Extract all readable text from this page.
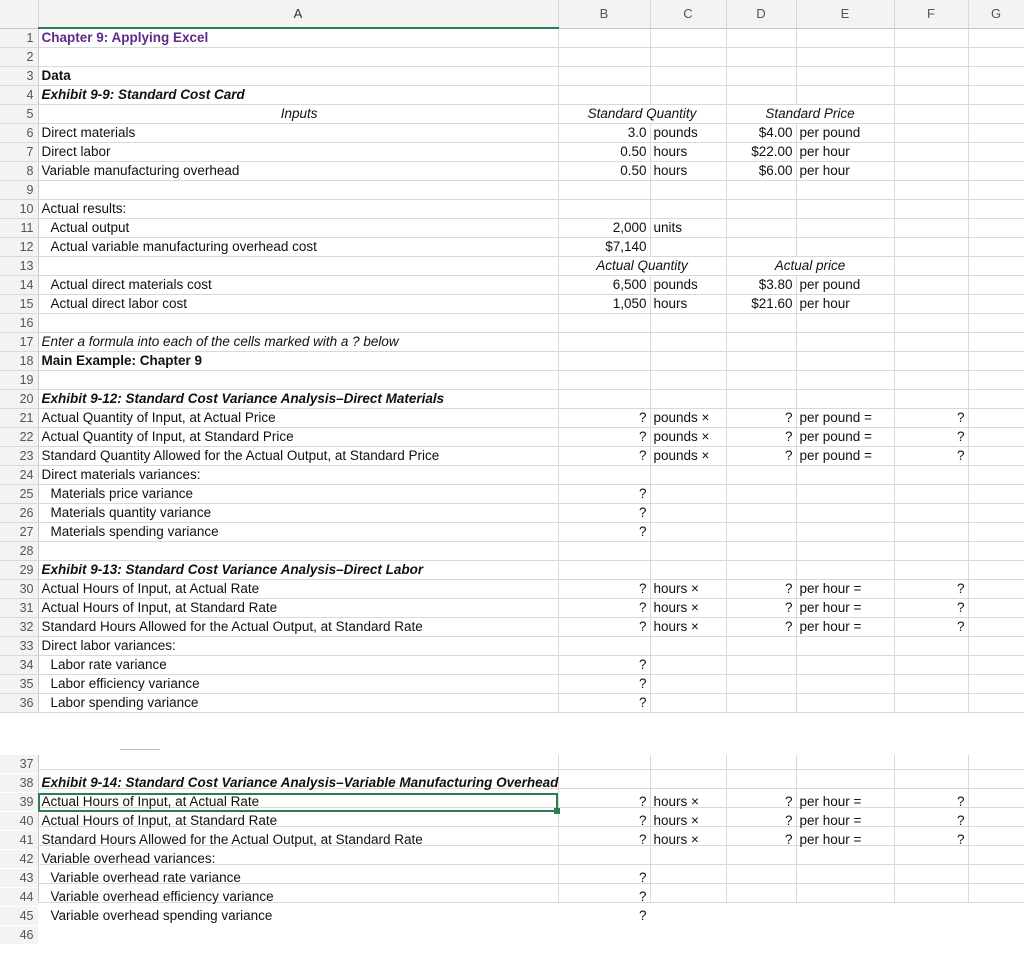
	A	B	C	D	E	F	G
1	Chapter 9: Applying Excel						
2							
3	Data						
4	Exhibit 9-9: Standard Cost Card						
5	Inputs	Standard Quantity		Standard Price			
6	Direct materials	3.0	pounds	$4.00	per pound		
7	Direct labor	0.50	hours	$22.00	per hour		
8	Variable manufacturing overhead	0.50	hours	$6.00	per hour		
9							
10	Actual results:						
11	Actual output	2,000	units				
12	Actual variable manufacturing overhead cost	$7,140					
13		Actual Quantity		Actual price			
14	Actual direct materials cost	6,500	pounds	$3.80	per pound		
15	Actual direct labor cost	1,050	hours	$21.60	per hour		
16							
17	Enter a formula into each of the cells marked with a ? below						
18	Main Example: Chapter 9						
19							
20	Exhibit 9-12: Standard Cost Variance Analysis–Direct Materials						
21	Actual Quantity of Input, at Actual Price	?	pounds ×	?	per pound =	?	
22	Actual Quantity of Input, at Standard Price	?	pounds ×	?	per pound =	?	
23	Standard Quantity Allowed for the Actual Output, at Standard Price	?	pounds ×	?	per pound =	?	
24	Direct materials variances:						
25	Materials price variance	?					
26	Materials quantity variance	?					
27	Materials spending variance	?					
28							
29	Exhibit 9-13: Standard Cost Variance Analysis–Direct Labor						
30	Actual Hours of Input, at Actual Rate	?	hours ×	?	per hour =	?	
31	Actual Hours of Input, at Standard Rate	?	hours ×	?	per hour =	?	
32	Standard Hours Allowed for the Actual Output, at Standard Rate	?	hours ×	?	per hour =	?	
33	Direct labor variances:						
34	Labor rate variance	?					
35	Labor efficiency variance	?					
36	Labor spending variance	?					
37							
38	Exhibit 9-14: Standard Cost Variance Analysis–Variable Manufacturing Overhead						
39	Actual Hours of Input, at Actual Rate	?	hours ×	?	per hour =	?	
40	Actual Hours of Input, at Standard Rate	?	hours ×	?	per hour =	?	
41	Standard Hours Allowed for the Actual Output, at Standard Rate	?	hours ×	?	per hour =	?	
42	Variable overhead variances:						
43	Variable overhead rate variance	?					
44	Variable overhead efficiency variance	?					
45	Variable overhead spending variance	?					
46							
